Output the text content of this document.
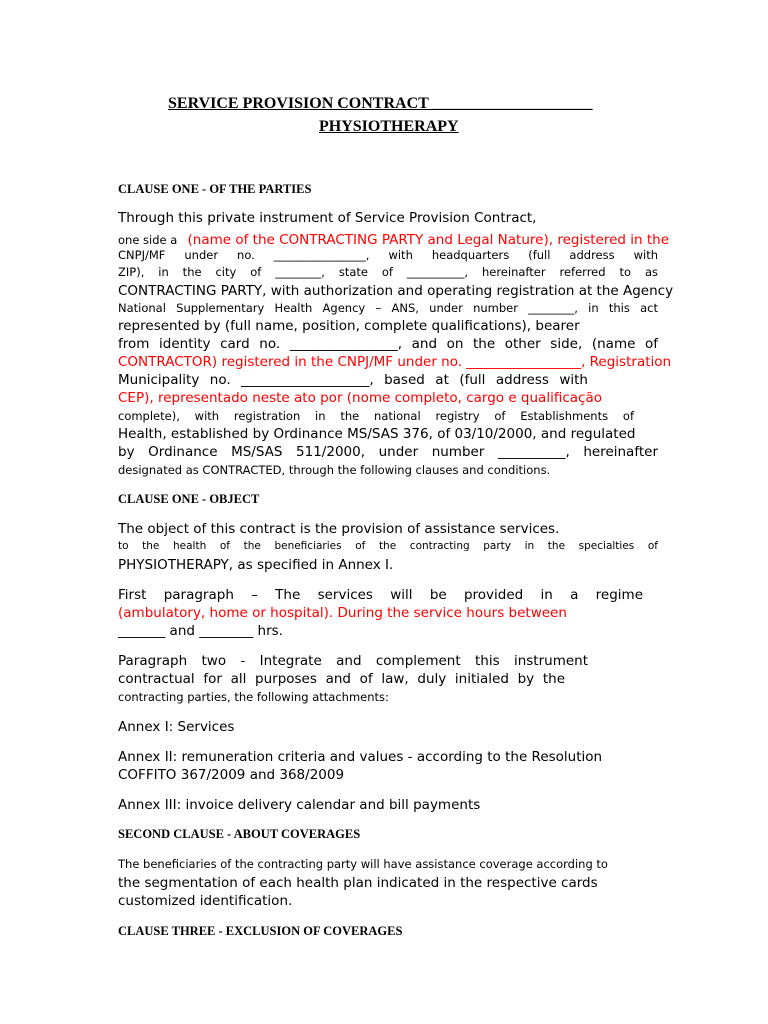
SERVICE PROVISION CONTRACT ____________________
PHYSIOTHERAPY
CLAUSE ONE - OF THE PARTIES
Through this private instrument of Service Provision Contract,
one side a (name of the CONTRACTING PARTY and Legal Nature), registered in the
CNPJ/MF under no. ________________, with headquarters (full address with
ZIP), in the city of ________, state of __________, hereinafter referred to as
CONTRACTING PARTY, with authorization and operating registration at the Agency
National Supplementary Health Agency – ANS, under number ________, in this act
represented by (full name, position, complete qualifications), bearer
from identity card no. ________________, and on the other side, (name of
CONTRACTOR) registered in the CNPJ/MF under no. _________________, Registration
Municipality no. ___________________, based at (full address with
CEP), representado neste ato por (nome completo, cargo e qualificação
complete), with registration in the national registry of Establishments of
Health, established by Ordinance MS/SAS 376, of 03/10/2000, and regulated
by Ordinance MS/SAS 511/2000, under number __________, hereinafter
designated as CONTRACTED, through the following clauses and conditions.
CLAUSE ONE - OBJECT
The object of this contract is the provision of assistance services.
to the health of the beneficiaries of the contracting party in the specialties of
PHYSIOTHERAPY, as specified in Annex I.
First paragraph – The services will be provided in a regime
(ambulatory, home or hospital). During the service hours between
_______ and ________ hrs.
Paragraph two - Integrate and complement this instrument
contractual for all purposes and of law, duly initialed by the
contracting parties, the following attachments:
Annex I: Services
Annex II: remuneration criteria and values - according to the Resolution
COFFITO 367/2009 and 368/2009
Annex III: invoice delivery calendar and bill payments
SECOND CLAUSE - ABOUT COVERAGES
The beneficiaries of the contracting party will have assistance coverage according to
the segmentation of each health plan indicated in the respective cards
customized identification.
CLAUSE THREE - EXCLUSION OF COVERAGES
